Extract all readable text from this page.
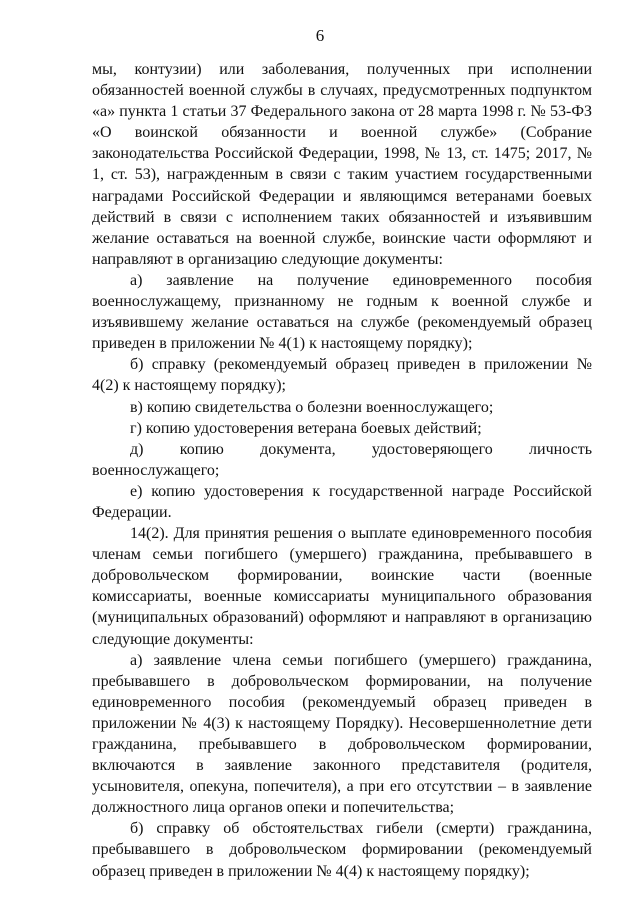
6

мы, контузии) или заболевания, полученных при исполнении обязанностей военной службы в случаях, предусмотренных подпунктом «а» пункта 1 статьи 37 Федерального закона от 28 марта 1998 г. № 53-ФЗ «О воинской обязанности и военной службе» (Собрание законодательства Российской Федерации, 1998, № 13, ст. 1475; 2017, № 1, ст. 53), награжденным в связи с таким участием государственными наградами Российской Федерации и являющимся ветеранами боевых действий в связи с исполнением таких обязанностей и изъявившим желание оставаться на военной службе, воинские части оформляют и направляют в организацию следующие документы:

а) заявление на получение единовременного пособия военнослужащему, признанному не годным к военной службе и изъявившему желание оставаться на службе (рекомендуемый образец приведен в приложении № 4(1) к настоящему порядку);

б) справку (рекомендуемый образец приведен в приложении № 4(2) к настоящему порядку);

в) копию свидетельства о болезни военнослужащего;

г) копию удостоверения ветерана боевых действий;

д) копию документа, удостоверяющего личность военнослужащего;

е) копию удостоверения к государственной награде Российской Федерации.

14(2). Для принятия решения о выплате единовременного пособия членам семьи погибшего (умершего) гражданина, пребывавшего в добровольческом формировании, воинские части (военные комиссариаты, военные комиссариаты муниципального образования (муниципальных образований) оформляют и направляют в организацию следующие документы:

а) заявление члена семьи погибшего (умершего) гражданина, пребывавшего в добровольческом формировании, на получение единовременного пособия (рекомендуемый образец приведен в приложении № 4(3) к настоящему Порядку). Несовершеннолетние дети гражданина, пребывавшего в добровольческом формировании, включаются в заявление законного представителя (родителя, усыновителя, опекуна, попечителя), а при его отсутствии – в заявление должностного лица органов опеки и попечительства;

б) справку об обстоятельствах гибели (смерти) гражданина, пребывавшего в добровольческом формировании (рекомендуемый образец приведен в приложении № 4(4) к настоящему порядку);
